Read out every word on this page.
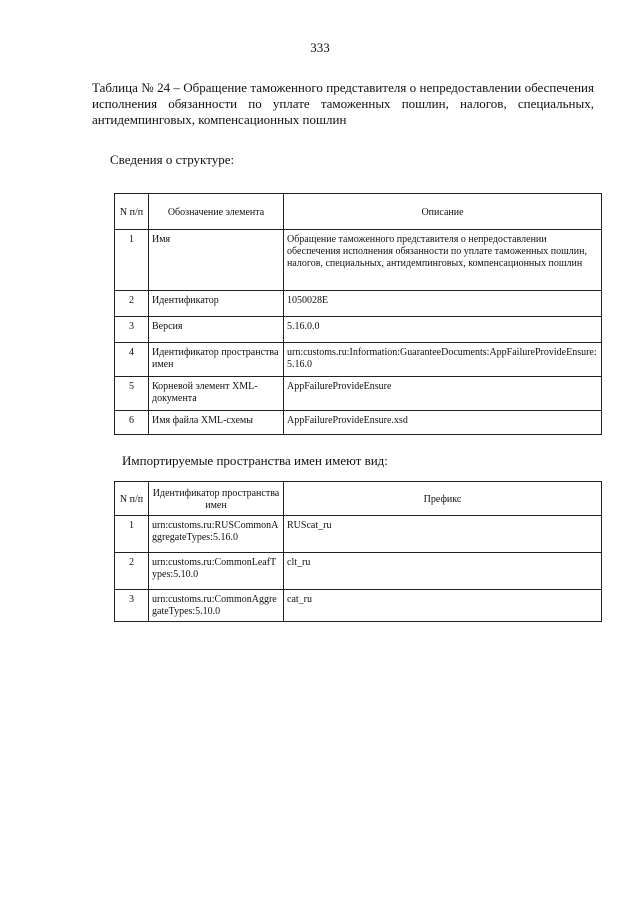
333

Таблица № 24 – Обращение таможенного представителя о непредоставлении обеспечения исполнения обязанности по уплате таможенных пошлин, налогов, специальных, антидемпинговых, компенсационных пошлин

Сведения о структуре:

N п/п	Обозначение элемента	Описание
1	Имя	Обращение таможенного представителя о непредоставлении обеспечения исполнения обязанности по уплате таможенных пошлин, налогов, специальных, антидемпинговых, компенсационных пошлин
2	Идентификатор	1050028E
3	Версия	5.16.0.0
4	Идентификатор пространства имен	urn:customs.ru:Information:GuaranteeDocuments:AppFailureProvideEnsure:5.16.0
5	Корневой элемент XML-документа	AppFailureProvideEnsure
6	Имя файла XML-схемы	AppFailureProvideEnsure.xsd

Импортируемые пространства имен имеют вид:

N п/п	Идентификатор пространства имен	Префикс
1	urn:customs.ru:RUSCommonAggregateTypes:5.16.0	RUScat_ru
2	urn:customs.ru:CommonLeafTypes:5.10.0	clt_ru
3	urn:customs.ru:CommonAggregateTypes:5.10.0	cat_ru
